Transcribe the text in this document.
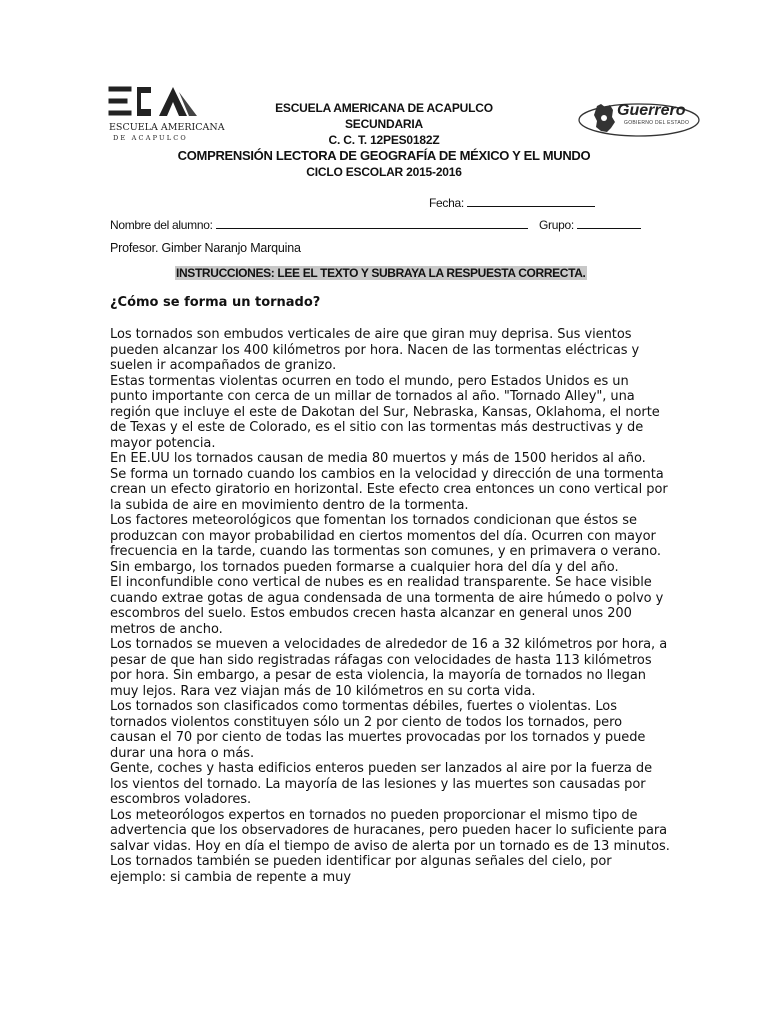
ESCUELA AMERICANA
DE ACAPULCO
Guerrero
GOBIERNO DEL ESTADO
ESCUELA AMERICANA DE ACAPULCO
SECUNDARIA
C. C. T. 12PES0182Z
COMPRENSIÓN LECTORA DE GEOGRAFÍA DE MÉXICO Y EL MUNDO
CICLO ESCOLAR 2015-2016
Fecha:
Nombre del alumno:	Grupo:
Profesor. Gimber Naranjo Marquina
INSTRUCCIONES: LEE EL TEXTO Y SUBRAYA LA RESPUESTA CORRECTA.
¿Cómo se forma un tornado?

Los tornados son embudos verticales de aire que giran muy deprisa. Sus vientos pueden alcanzar los 400 kilómetros por hora. Nacen de las tormentas eléctricas y suelen ir acompañados de granizo.

Estas tormentas violentas ocurren en todo el mundo, pero Estados Unidos es un punto importante con cerca de un millar de tornados al año. "Tornado Alley", una región que incluye el este de Dakotan del Sur, Nebraska, Kansas, Oklahoma, el norte de Texas y el este de Colorado, es el sitio con las tormentas más destructivas y de mayor potencia.

En EE.UU los tornados causan de media 80 muertos y más de 1500 heridos al año.

Se forma un tornado cuando los cambios en la velocidad y dirección de una tormenta crean un efecto giratorio en horizontal. Este efecto crea entonces un cono vertical por la subida de aire en movimiento dentro de la tormenta.

Los factores meteorológicos que fomentan los tornados condicionan que éstos se produzcan con mayor probabilidad en ciertos momentos del día. Ocurren con mayor frecuencia en la tarde, cuando las tormentas son comunes, y en primavera o verano. Sin embargo, los tornados pueden formarse a cualquier hora del día y del año.

El inconfundible cono vertical de nubes es en realidad transparente. Se hace visible cuando extrae gotas de agua condensada de una tormenta de aire húmedo o polvo y escombros del suelo. Estos embudos crecen hasta alcanzar en general unos 200 metros de ancho.

Los tornados se mueven a velocidades de alrededor de 16 a 32 kilómetros por hora, a pesar de que han sido registradas ráfagas con velocidades de hasta 113 kilómetros por hora. Sin embargo, a pesar de esta violencia, la mayoría de tornados no llegan muy lejos. Rara vez viajan más de 10 kilómetros en su corta vida.

Los tornados son clasificados como tormentas débiles, fuertes o violentas. Los tornados violentos constituyen sólo un 2 por ciento de todos los tornados, pero causan el 70 por ciento de todas las muertes provocadas por los tornados y puede durar una hora o más.

Gente, coches y hasta edificios enteros pueden ser lanzados al aire por la fuerza de los vientos del tornado. La mayoría de las lesiones y las muertes son causadas por escombros voladores.

Los meteorólogos expertos en tornados no pueden proporcionar el mismo tipo de advertencia que los observadores de huracanes, pero pueden hacer lo suficiente para salvar vidas. Hoy en día el tiempo de aviso de alerta por un tornado es de 13 minutos. Los tornados también se pueden identificar por algunas señales del cielo, por ejemplo: si cambia de repente a muy
